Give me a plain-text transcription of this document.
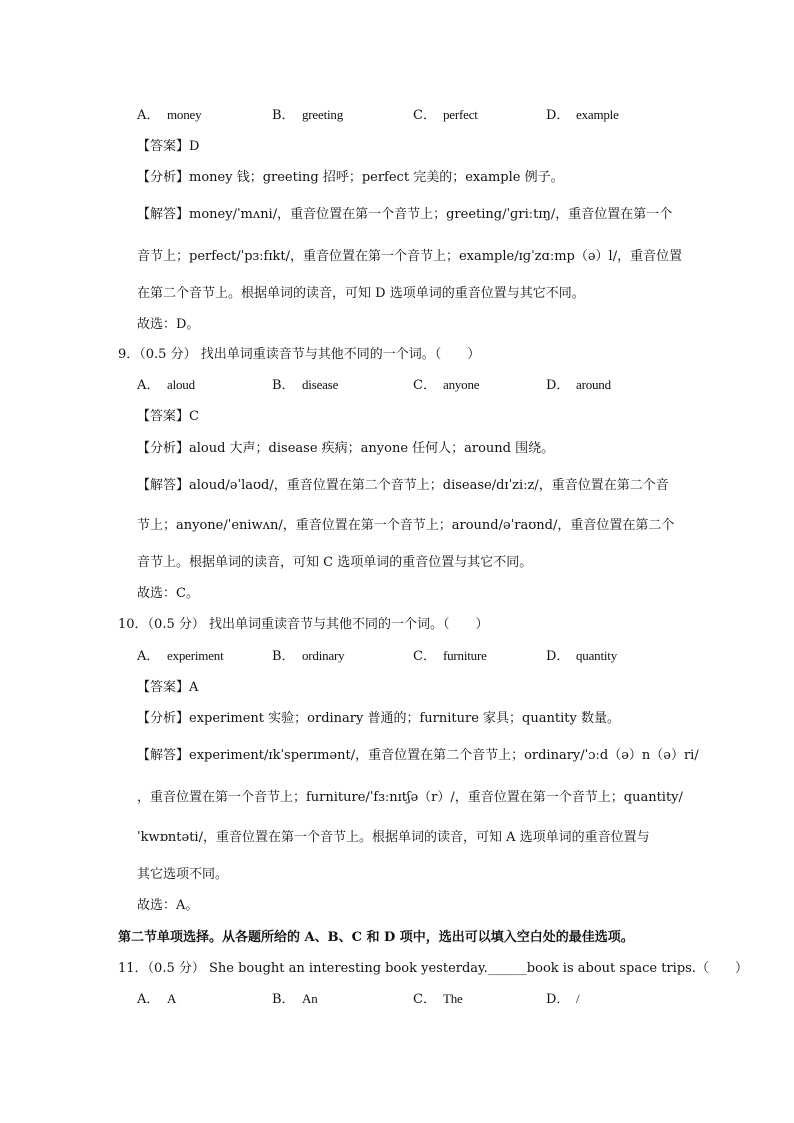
A． money	B． greeting	C． perfect	D． example
【答案】D
【分析】money 钱；greeting 招呼；perfect 完美的；example 例子。
【解答】money/ˈmʌni/，重音位置在第一个音节上；greeting/ˈɡriːtɪŋ/，重音位置在第一个
音节上；perfect/ˈpɜːfɪkt/，重音位置在第一个音节上；example/ɪɡˈzɑːmp（ə）l/，重音位置
在第二个音节上。根据单词的读音，可知 D 选项单词的重音位置与其它不同。
故选：D。
9．（0.5 分） 找出单词重读音节与其他不同的一个词。（　　）
A． aloud	B． disease	C． anyone	D． around
【答案】C
【分析】aloud 大声；disease 疾病；anyone 任何人；around 围绕。
【解答】aloud/əˈlaʊd/，重音位置在第二个音节上；disease/dɪˈziːz/，重音位置在第二个音
节上；anyone/ˈeniwʌn/，重音位置在第一个音节上；around/əˈraʊnd/，重音位置在第二个
音节上。根据单词的读音，可知 C 选项单词的重音位置与其它不同。
故选：C。
10．（0.5 分） 找出单词重读音节与其他不同的一个词。（　　）
A． experiment	B． ordinary	C． furniture	D． quantity
【答案】A
【分析】experiment 实验；ordinary 普通的；furniture 家具；quantity 数量。
【解答】experiment/ɪkˈsperɪmənt/，重音位置在第二个音节上；ordinary/ˈɔːd（ə）n（ə）ri/
，重音位置在第一个音节上；furniture/ˈfɜːnɪtʃə（r）/，重音位置在第一个音节上；quantity/
ˈkwɒntəti/，重音位置在第一个音节上。根据单词的读音，可知 A 选项单词的重音位置与
其它选项不同。
故选：A。
第二节单项选择。从各题所给的 A、B、C 和 D 项中，选出可以填入空白处的最佳选项。
11．（0.5 分） She bought an interesting book yesterday.______book is about space trips.（　　）
A． A	B． An	C． The	D． /
